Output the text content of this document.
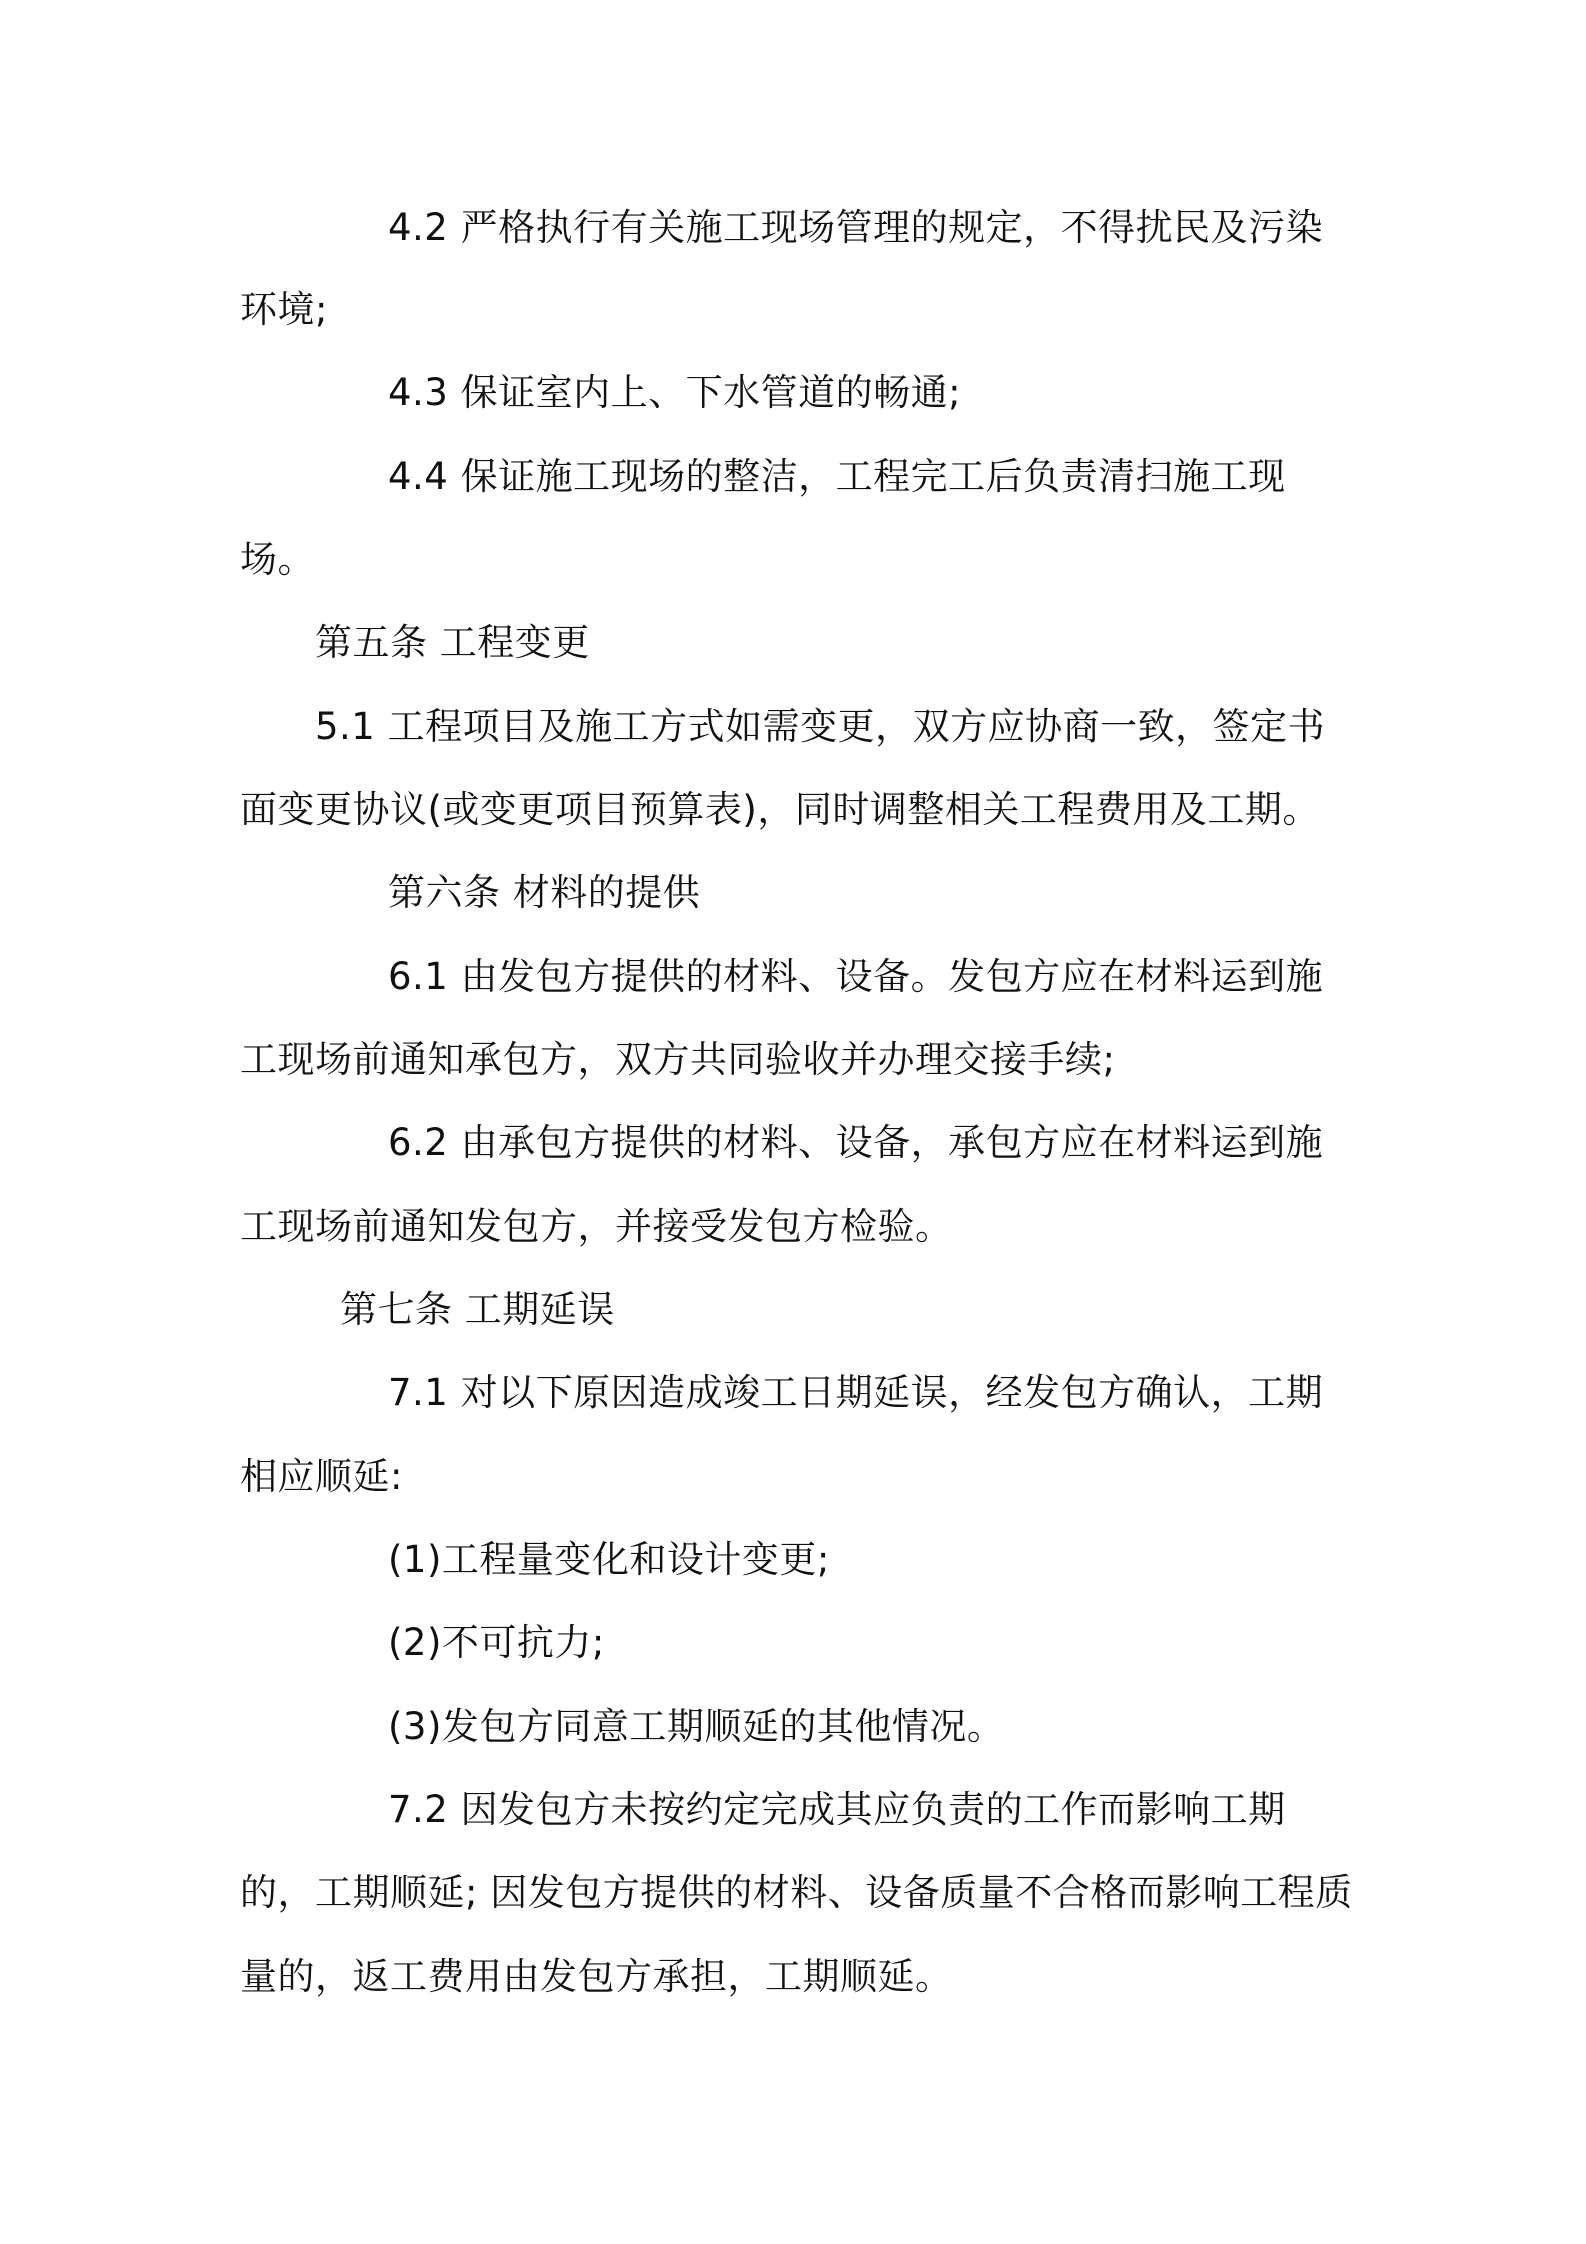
4.2 严格执行有关施工现场管理的规定，不得扰民及污染

环境;

4.3 保证室内上、下水管道的畅通;

4.4 保证施工现场的整洁，工程完工后负责清扫施工现

场。

第五条 工程变更

5.1 工程项目及施工方式如需变更，双方应协商一致，签定书

面变更协议(或变更项目预算表)，同时调整相关工程费用及工期。

第六条 材料的提供

6.1 由发包方提供的材料、设备。发包方应在材料运到施

工现场前通知承包方，双方共同验收并办理交接手续;

6.2 由承包方提供的材料、设备，承包方应在材料运到施

工现场前通知发包方，并接受发包方检验。

第七条 工期延误

7.1 对以下原因造成竣工日期延误，经发包方确认，工期

相应顺延:

(1)工程量变化和设计变更;

(2)不可抗力;

(3)发包方同意工期顺延的其他情况。

7.2 因发包方未按约定完成其应负责的工作而影响工期

的，工期顺延; 因发包方提供的材料、设备质量不合格而影响工程质

量的，返工费用由发包方承担，工期顺延。
